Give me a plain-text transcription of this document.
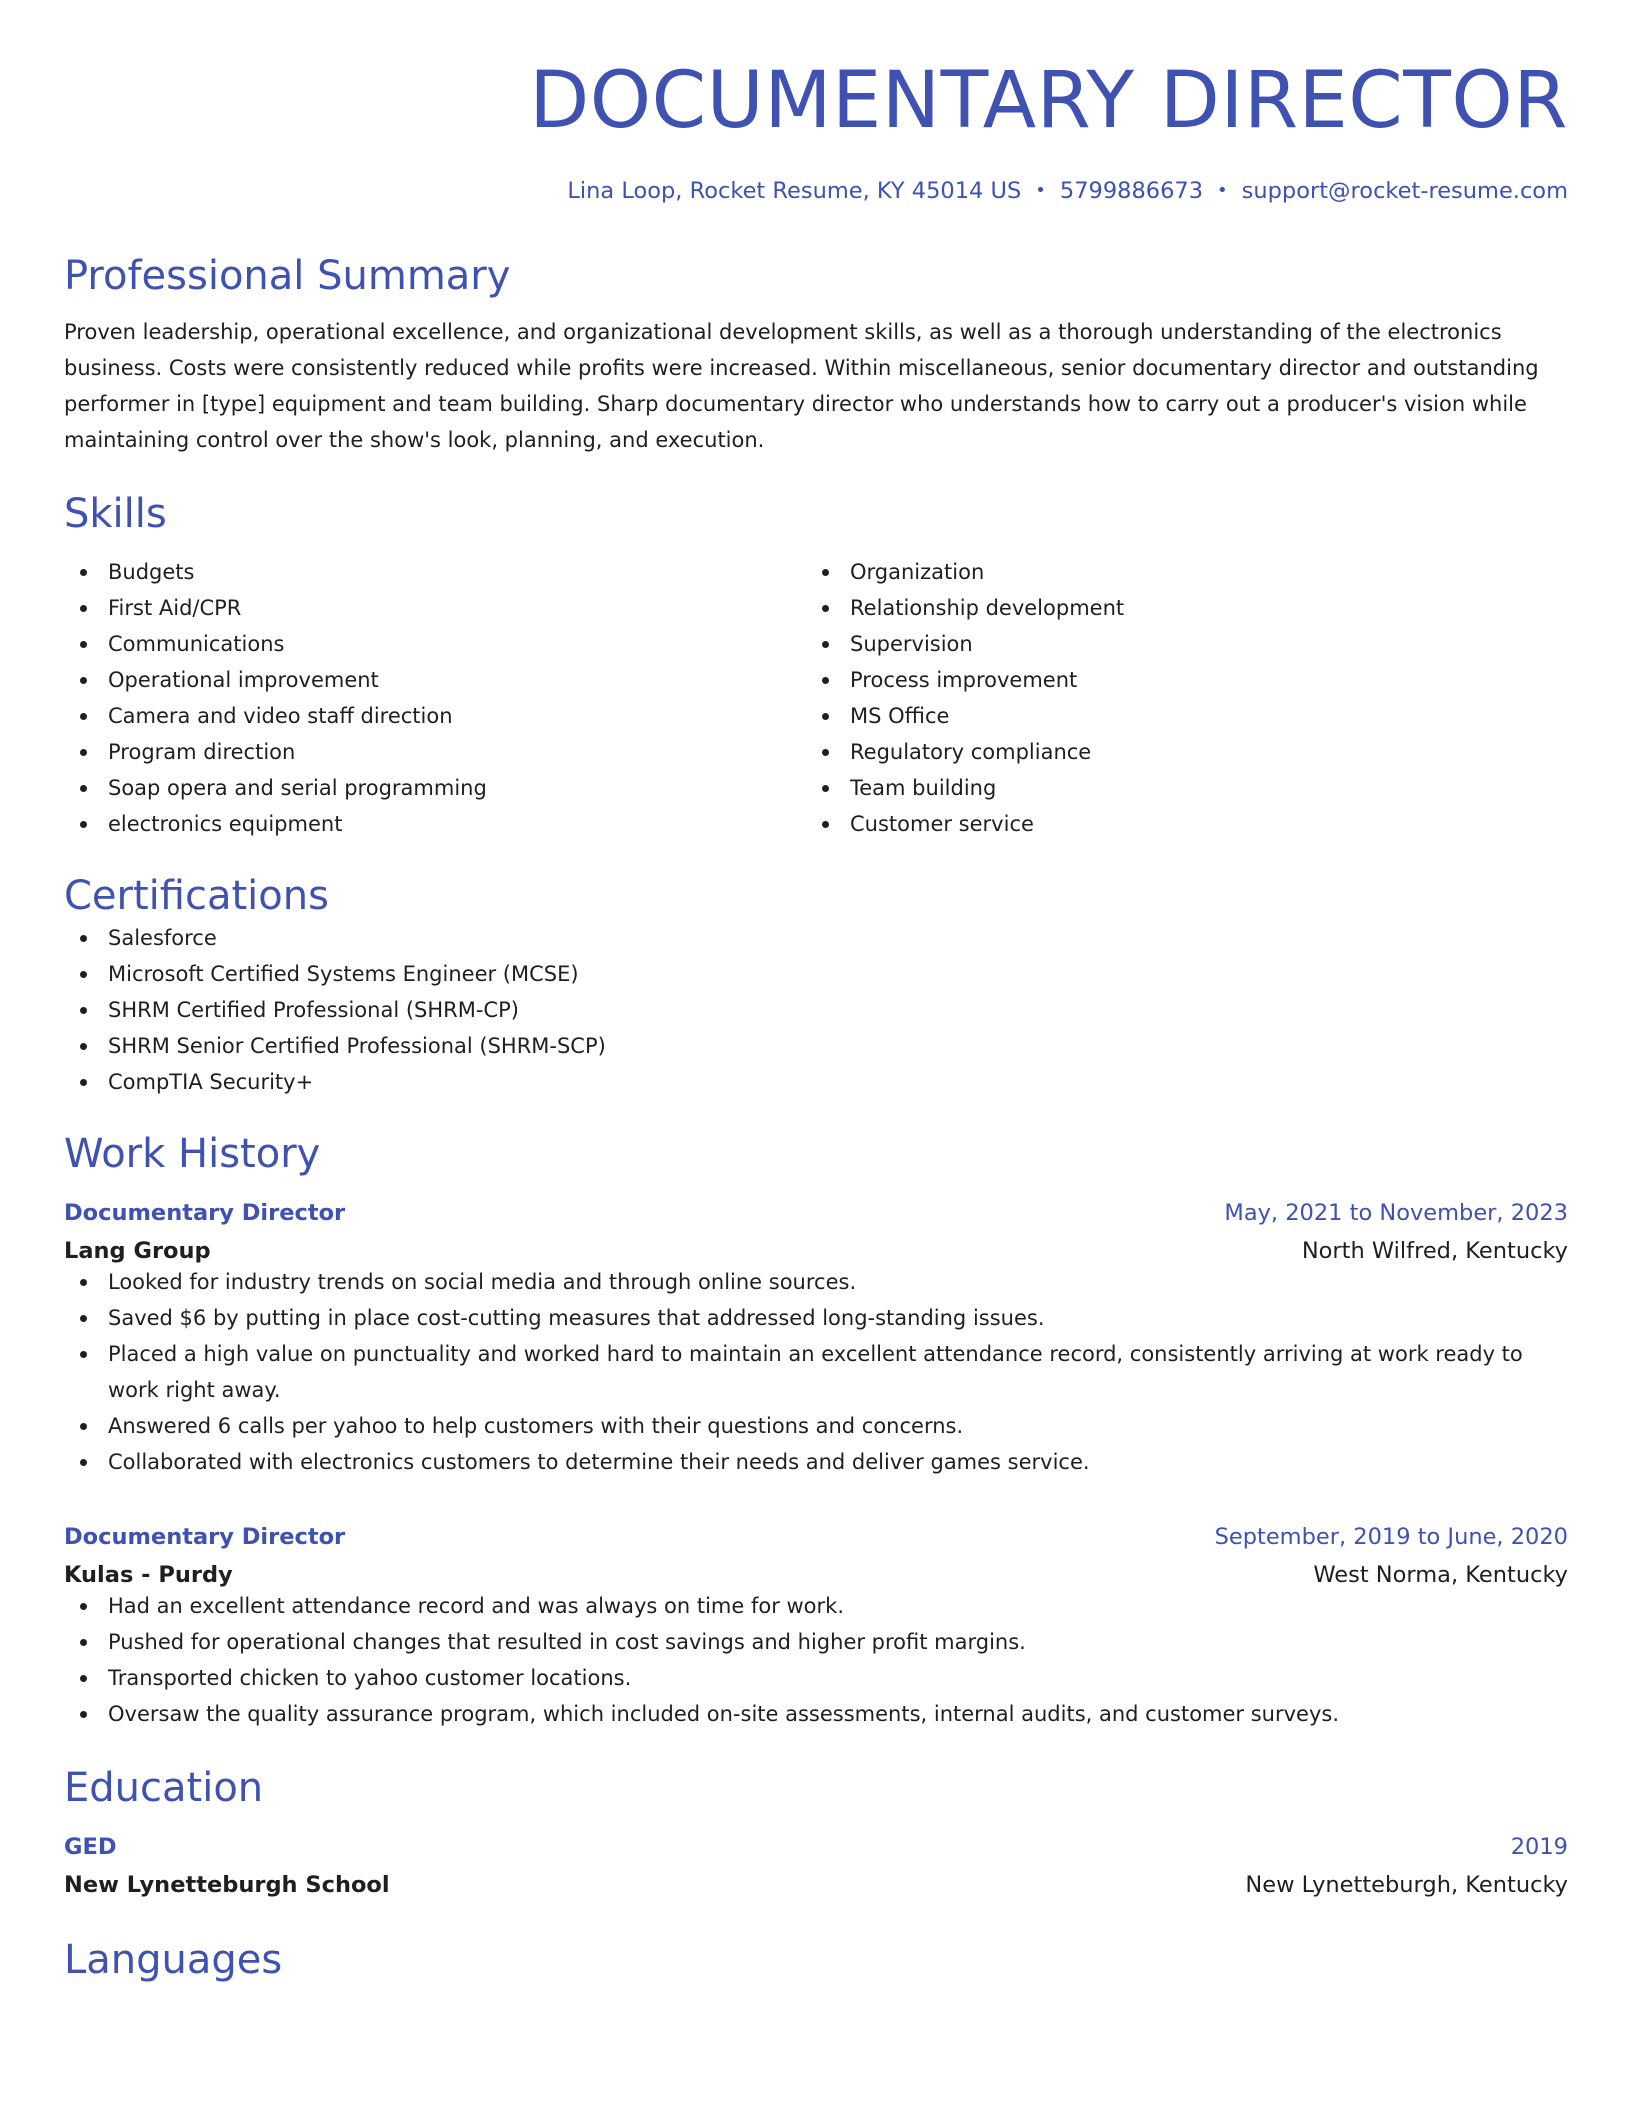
DOCUMENTARY DIRECTOR
Lina Loop, Rocket Resume, KY 45014 US • 5799886673 • support@rocket-resume.com
Professional Summary
Proven leadership, operational excellence, and organizational development skills, as well as a thorough understanding of the electronics business. Costs were consistently reduced while profits were increased. Within miscellaneous, senior documentary director and outstanding performer in [type] equipment and team building. Sharp documentary director who understands how to carry out a producer's vision while maintaining control over the show's look, planning, and execution.
Skills
Budgets
First Aid/CPR
Communications
Operational improvement
Camera and video staff direction
Program direction
Soap opera and serial programming
electronics equipment
Organization
Relationship development
Supervision
Process improvement
MS Office
Regulatory compliance
Team building
Customer service
Certifications
Salesforce
Microsoft Certified Systems Engineer (MCSE)
SHRM Certified Professional (SHRM-CP)
SHRM Senior Certified Professional (SHRM-SCP)
CompTIA Security+
Work History
Documentary Director	May, 2021 to November, 2023
Lang Group	North Wilfred, Kentucky
Looked for industry trends on social media and through online sources.
Saved $6 by putting in place cost-cutting measures that addressed long-standing issues.
Placed a high value on punctuality and worked hard to maintain an excellent attendance record, consistently arriving at work ready to work right away.
Answered 6 calls per yahoo to help customers with their questions and concerns.
Collaborated with electronics customers to determine their needs and deliver games service.
Documentary Director	September, 2019 to June, 2020
Kulas - Purdy	West Norma, Kentucky
Had an excellent attendance record and was always on time for work.
Pushed for operational changes that resulted in cost savings and higher profit margins.
Transported chicken to yahoo customer locations.
Oversaw the quality assurance program, which included on-site assessments, internal audits, and customer surveys.
Education
GED	2019
New Lynetteburgh School	New Lynetteburgh, Kentucky
Languages
